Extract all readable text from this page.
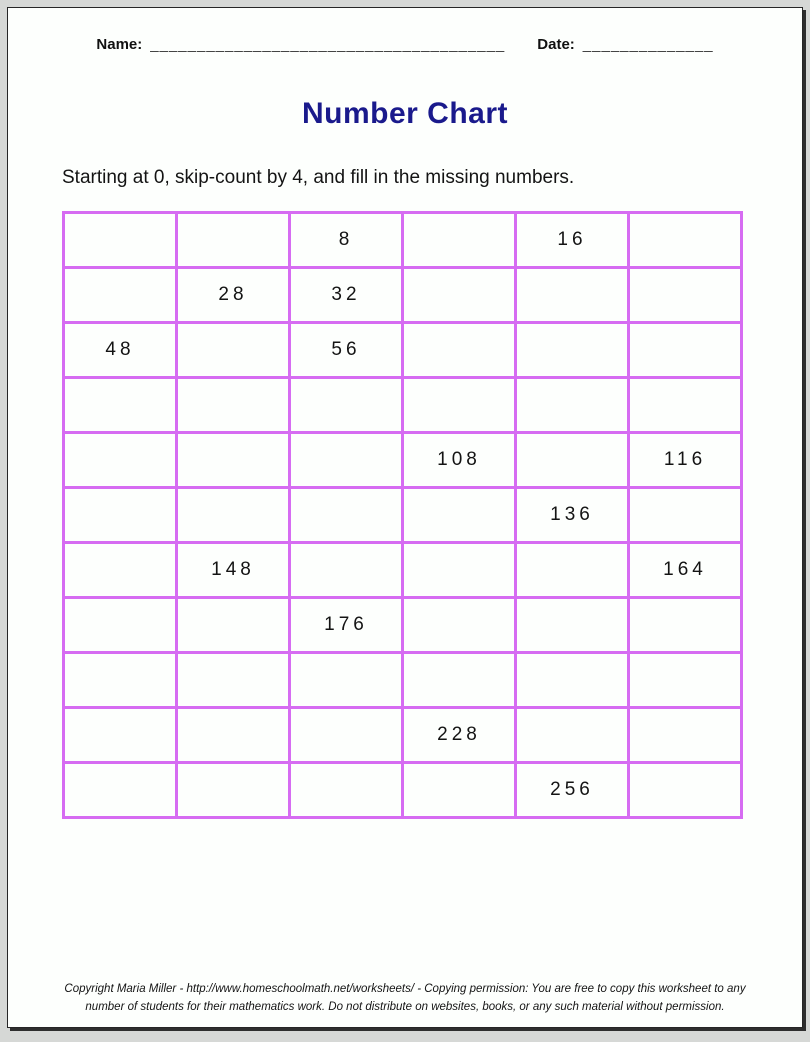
Name: ______________________________________ Date: ______________
Number Chart
Starting at 0, skip-count by 4, and fill in the missing numbers.
		8		16	
	28	32			
48		56			

			108		116
				136	
	148				164
		176			

			228		
				256	
Copyright Maria Miller - http://www.homeschoolmath.net/worksheets/ - Copying permission: You are free to copy this worksheet to any
number of students for their mathematics work. Do not distribute on websites, books, or any such material without permission.
